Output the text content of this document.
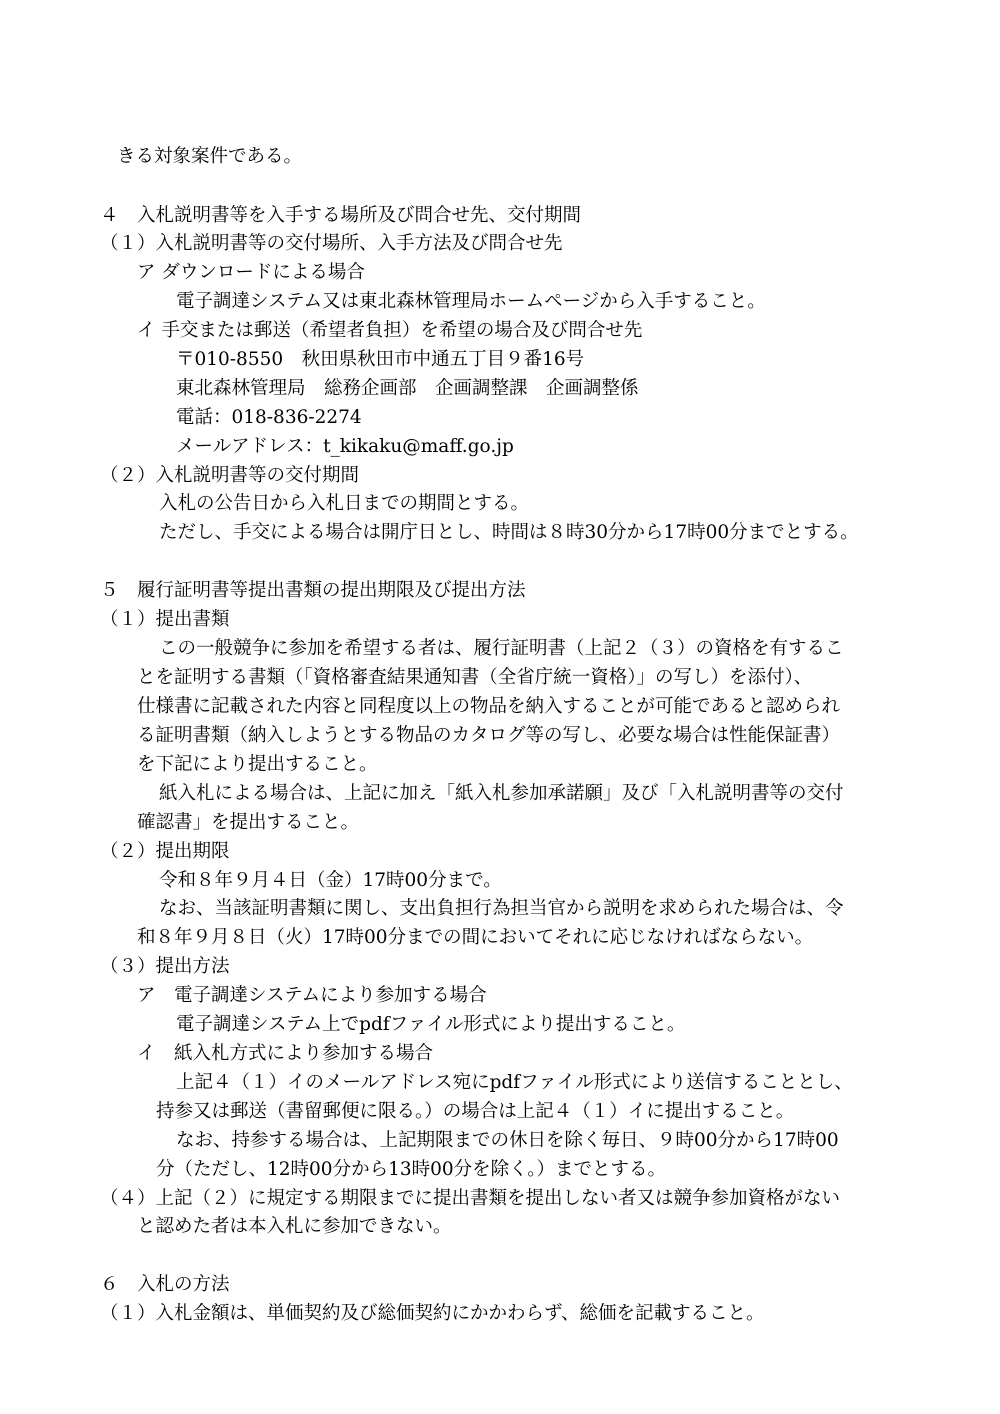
きる対象案件である。

４　入札説明書等を入手する場所及び問合せ先、交付期間

（１）入札説明書等の交付場所、入手方法及び問合せ先

ア ダウンロードによる場合

電子調達システム又は東北森林管理局ホームページから入手すること。

イ 手交または郵送（希望者負担）を希望の場合及び問合せ先

〒010-8550　秋田県秋田市中通五丁目９番16号

東北森林管理局　総務企画部　企画調整課　企画調整係

電話：018-836-2274

メールアドレス：t_kikaku@maff.go.jp

（２）入札説明書等の交付期間

入札の公告日から入札日までの期間とする。

ただし、手交による場合は開庁日とし、時間は８時30分から17時00分までとする。

５　履行証明書等提出書類の提出期限及び提出方法

（１）提出書類

この一般競争に参加を希望する者は、履行証明書（上記２（３）の資格を有するこ

とを証明する書類（「資格審査結果通知書（全省庁統一資格）」の写し）を添付）、

仕様書に記載された内容と同程度以上の物品を納入することが可能であると認められ

る証明書類（納入しようとする物品のカタログ等の写し、必要な場合は性能保証書）

を下記により提出すること。

紙入札による場合は、上記に加え「紙入札参加承諾願」及び「入札説明書等の交付

確認書」を提出すること。

（２）提出期限

令和８年９月４日（金）17時00分まで。

なお、当該証明書類に関し、支出負担行為担当官から説明を求められた場合は、令

和８年９月８日（火）17時00分までの間においてそれに応じなければならない。

（３）提出方法

ア　電子調達システムにより参加する場合

電子調達システム上でpdfファイル形式により提出すること。

イ　紙入札方式により参加する場合

上記４（１）イのメールアドレス宛にpdfファイル形式により送信することとし、

持参又は郵送（書留郵便に限る。）の場合は上記４（１）イに提出すること。

なお、持参する場合は、上記期限までの休日を除く毎日、９時00分から17時00

分（ただし、12時00分から13時00分を除く。）までとする。

（４）上記（２）に規定する期限までに提出書類を提出しない者又は競争参加資格がない

と認めた者は本入札に参加できない。

６　入札の方法

（１）入札金額は、単価契約及び総価契約にかかわらず、総価を記載すること。
